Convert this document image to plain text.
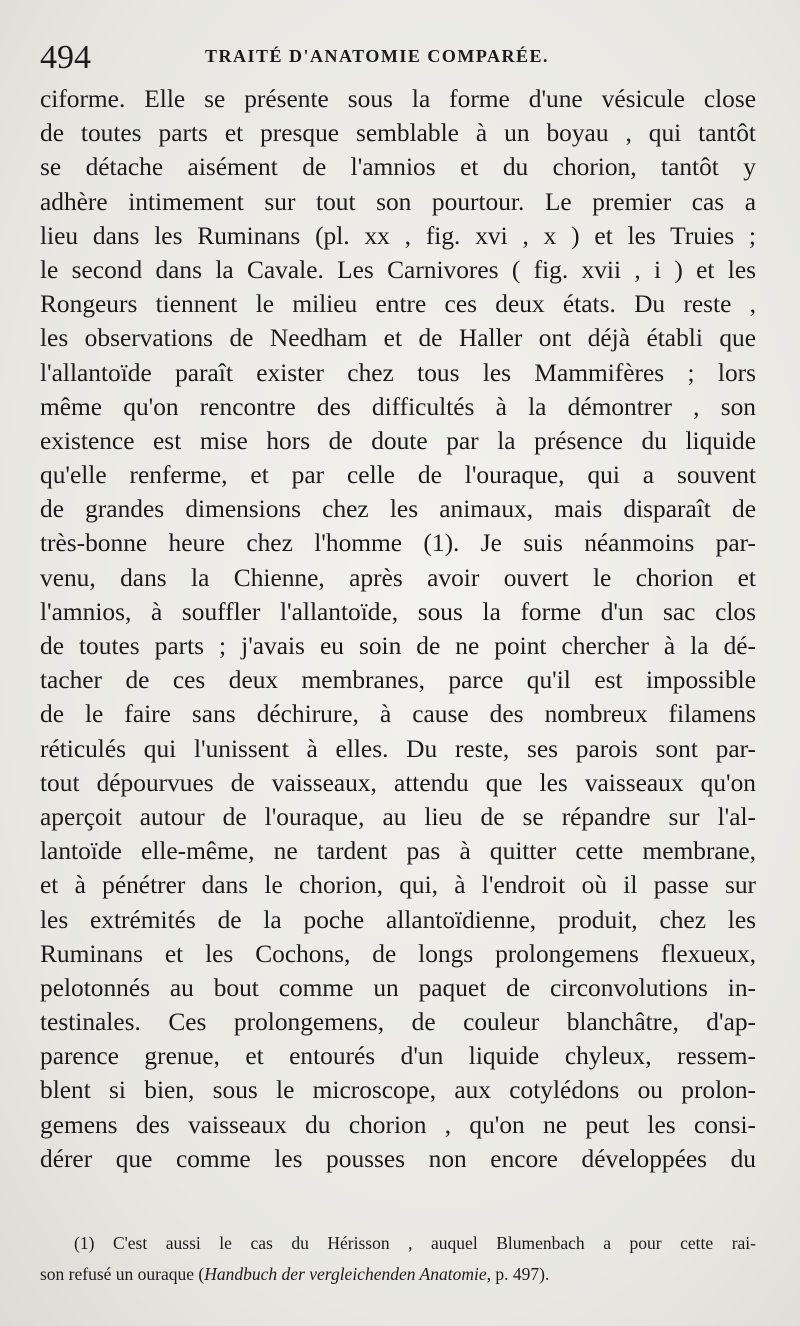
494	TRAITÉ D'ANATOMIE COMPARÉE.
ciforme. Elle se présente sous la forme d'une vésicule close
de toutes parts et presque semblable à un boyau , qui tantôt
se détache aisément de l'amnios et du chorion, tantôt y
adhère intimement sur tout son pourtour. Le premier cas a
lieu dans les Ruminans (pl. xx , fig. xvi , x ) et les Truies ;
le second dans la Cavale. Les Carnivores ( fig. xvii , i ) et les
Rongeurs tiennent le milieu entre ces deux états. Du reste ,
les observations de Needham et de Haller ont déjà établi que
l'allantoïde paraît exister chez tous les Mammifères ; lors
même qu'on rencontre des difficultés à la démontrer , son
existence est mise hors de doute par la présence du liquide
qu'elle renferme, et par celle de l'ouraque, qui a souvent
de grandes dimensions chez les animaux, mais disparaît de
très-bonne heure chez l'homme (1). Je suis néanmoins par-
venu, dans la Chienne, après avoir ouvert le chorion et
l'amnios, à souffler l'allantoïde, sous la forme d'un sac clos
de toutes parts ; j'avais eu soin de ne point chercher à la dé-
tacher de ces deux membranes, parce qu'il est impossible
de le faire sans déchirure, à cause des nombreux filamens
réticulés qui l'unissent à elles. Du reste, ses parois sont par-
tout dépourvues de vaisseaux, attendu que les vaisseaux qu'on
aperçoit autour de l'ouraque, au lieu de se répandre sur l'al-
lantoïde elle-même, ne tardent pas à quitter cette membrane,
et à pénétrer dans le chorion, qui, à l'endroit où il passe sur
les extrémités de la poche allantoïdienne, produit, chez les
Ruminans et les Cochons, de longs prolongemens flexueux,
pelotonnés au bout comme un paquet de circonvolutions in-
testinales. Ces prolongemens, de couleur blanchâtre, d'ap-
parence grenue, et entourés d'un liquide chyleux, ressem-
blent si bien, sous le microscope, aux cotylédons ou prolon-
gemens des vaisseaux du chorion , qu'on ne peut les consi-
dérer que comme les pousses non encore développées du
(1) C'est aussi le cas du Hérisson , auquel Blumenbach a pour cette rai-
son refusé un ouraque (Handbuch der vergleichenden Anatomie, p. 497).
